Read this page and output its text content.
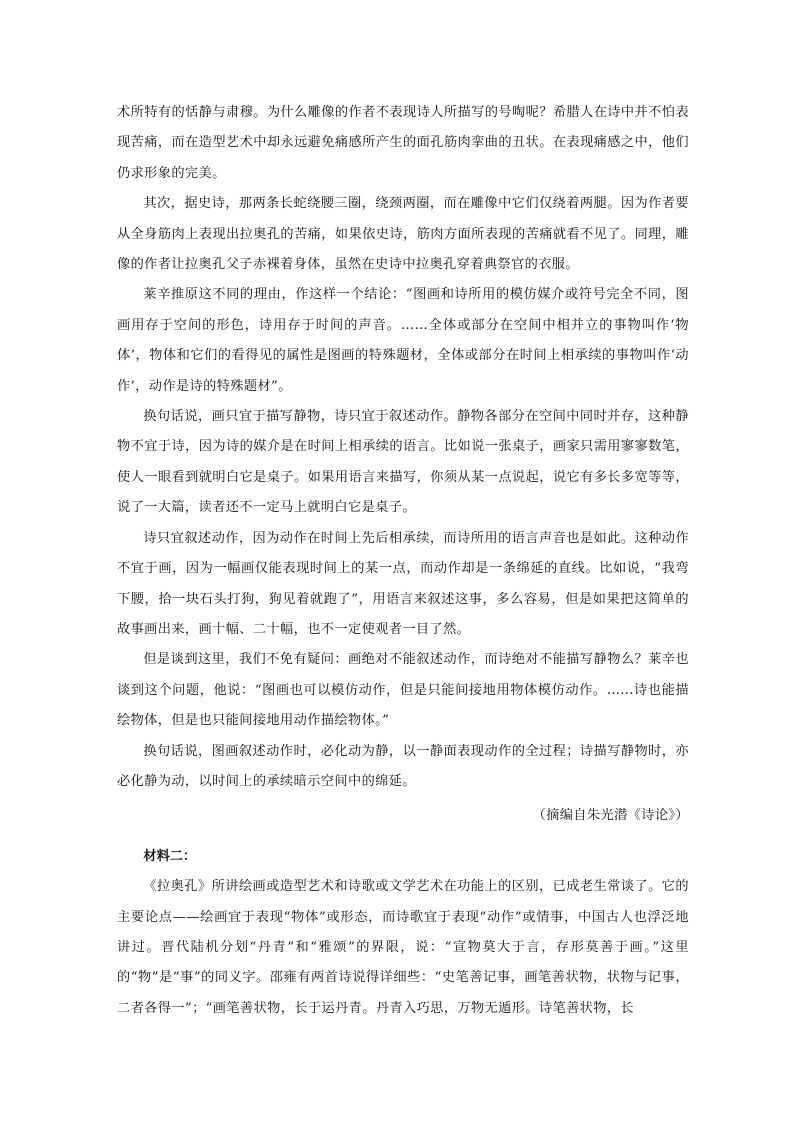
术所特有的恬静与肃穆。为什么雕像的作者不表现诗人所描写的号啕呢？希腊人在诗中并不怕表现苦痛，而在造型艺术中却永远避免痛感所产生的面孔筋肉挛曲的丑状。在表现痛感之中，他们仍求形象的完美。

其次，据史诗，那两条长蛇绕腰三圈，绕颈两圈，而在雕像中它们仅绕着两腿。因为作者要从全身筋肉上表现出拉奥孔的苦痛，如果依史诗，筋肉方面所表现的苦痛就看不见了。同理，雕像的作者让拉奥孔父子赤裸着身体，虽然在史诗中拉奥孔穿着典祭官的衣服。

莱辛推原这不同的理由，作这样一个结论：“图画和诗所用的模仿媒介或符号完全不同，图画用存于空间的形色，诗用存于时间的声音。……全体或部分在空间中相并立的事物叫作‘物体’，物体和它们的看得见的属性是图画的特殊题材，全体或部分在时间上相承续的事物叫作‘动作’，动作是诗的特殊题材”。

换句话说，画只宜于描写静物，诗只宜于叙述动作。静物各部分在空间中同时并存，这种静物不宜于诗，因为诗的媒介是在时间上相承续的语言。比如说一张桌子，画家只需用寥寥数笔，使人一眼看到就明白它是桌子。如果用语言来描写，你须从某一点说起，说它有多长多宽等等，说了一大篇，读者还不一定马上就明白它是桌子。

诗只宜叙述动作，因为动作在时间上先后相承续，而诗所用的语言声音也是如此。这种动作不宜于画，因为一幅画仅能表现时间上的某一点，而动作却是一条绵延的直线。比如说，“我弯下腰，拾一块石头打狗，狗见着就跑了”，用语言来叙述这事，多么容易，但是如果把这简单的故事画出来，画十幅、二十幅，也不一定使观者一目了然。

但是谈到这里，我们不免有疑问：画绝对不能叙述动作，而诗绝对不能描写静物么？莱辛也谈到这个问题，他说：“图画也可以模仿动作，但是只能间接地用物体模仿动作。……诗也能描绘物体，但是也只能间接地用动作描绘物体。”

换句话说，图画叙述动作时，必化动为静，以一静面表现动作的全过程；诗描写静物时，亦必化静为动，以时间上的承续暗示空间中的绵延。

（摘编自朱光潜《诗论》）

材料二：

《拉奥孔》所讲绘画或造型艺术和诗歌或文学艺术在功能上的区别，已成老生常谈了。它的主要论点——绘画宜于表现“物体”或形态，而诗歌宜于表现“动作”或情事，中国古人也浮泛地讲过。晋代陆机分划“丹青”和“雅颂”的界限，说：“宣物莫大于言，存形莫善于画。”这里的“物”是“事”的同义字。邵雍有两首诗说得详细些：“史笔善记事，画笔善状物，状物与记事，二者各得一”；“画笔善状物，长于运丹青。丹青入巧思，万物无遁形。诗笔善状物，长
